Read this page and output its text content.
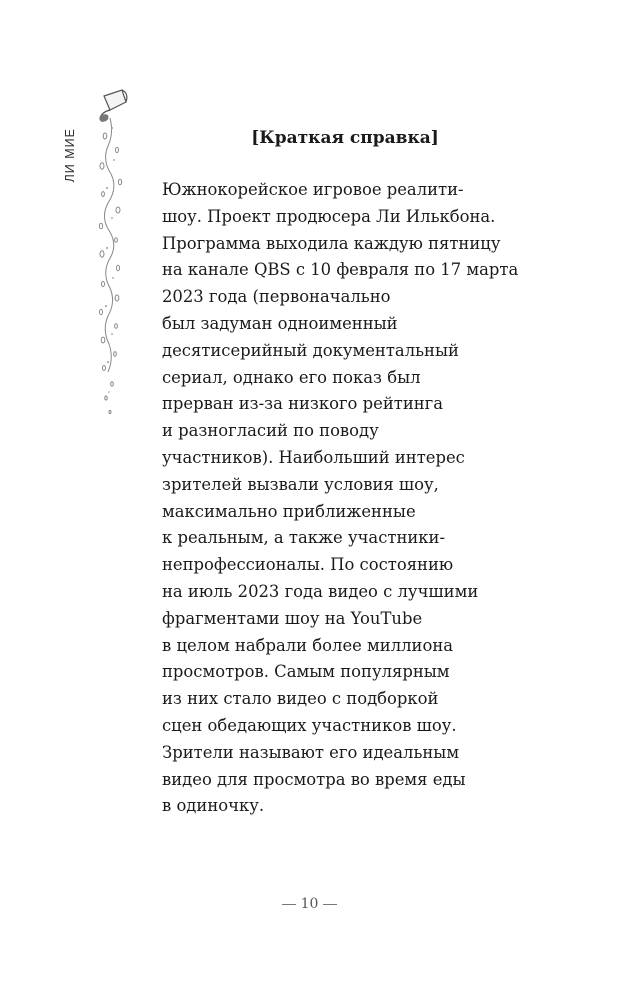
ЛИ МИЕ	[Краткая справка]

Южнокорейское игровое реалити-
шоу. Проект продюсера Ли Илькбона.
Программа выходила каждую пятницу
на канале QBS с 10 февраля по 17 марта
2023 года (первоначально
был задуман одноименный
десятисерийный документальный
сериал, однако его показ был
прерван из-за низкого рейтинга
и разногласий по поводу
участников). Наибольший интерес
зрителей вызвали условия шоу,
максимально приближенные
к реальным, а также участники-
непрофессионалы. По состоянию
на июль 2023 года видео с лучшими
фрагментами шоу на YouTube
в целом набрали более миллиона
просмотров. Самым популярным
из них стало видео с подборкой
сцен обедающих участников шоу.
Зрители называют его идеальным
видео для просмотра во время еды
в одиночку.

10
